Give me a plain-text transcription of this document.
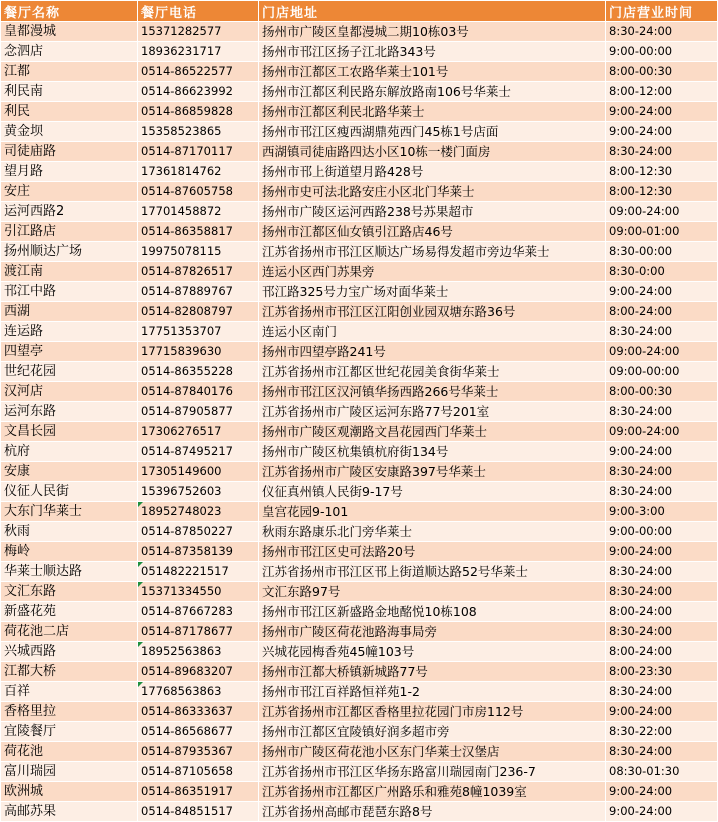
餐厅名称	餐厅电话	门店地址	门店营业时间
皇都漫城	15371282577	扬州市广陵区皇都漫城二期10栋03号	8:30-24:00
念泗店	18936231717	扬州市邗江区扬子江北路343号	9:00-00:00
江都	0514-86522577	扬州市江都区工农路华莱士101号	8:00-00:30
利民南	0514-86623992	扬州市江都区利民路东解放路南106号华莱士	8:00-12:00
利民	0514-86859828	扬州市江都区利民北路华莱士	9:00-24:00
黄金坝	15358523865	扬州市邗江区瘦西湖鼎苑西门45栋1号店面	9:00-24:00
司徒庙路	0514-87170117	西湖镇司徒庙路四达小区10栋一楼门面房	8:30-24:00
望月路	17361814762	扬州市邗上街道望月路428号	8:00-12:30
安庄	0514-87605758	扬州市史可法北路安庄小区北门华莱士	8:00-12:30
运河西路2	17701458872	扬州市广陵区运河西路238号苏果超市	09:00-24:00
引江路店	0514-86358817	扬州市江都区仙女镇引江路店46号	09:00-01:00
扬州顺达广场	19975078115	江苏省扬州市邗江区顺达广场易得发超市旁边华莱士	8:30-00:00
渡江南	0514-87826517	连运小区西门苏果旁	8:30-0:00
邗江中路	0514-87889767	邗江路325号力宝广场对面华莱士	9:00-24:00
西湖	0514-82808797	江苏省扬州市邗江区江阳创业园双塘东路36号	8:00-24:00
连运路	17751353707	连运小区南门	8:30-24:00
四望亭	17715839630	扬州市四望亭路241号	09:00-24:00
世纪花园	0514-86355228	江苏省扬州市江都区世纪花园美食街华莱士	09:00-00:00
汉河店	0514-87840176	扬州市邗江区汉河镇华扬西路266号华莱士	8:00-00:30
运河东路	0514-87905877	江苏省扬州市广陵区运河东路77号201室	8:30-24:00
文昌长园	17306276517	扬州市广陵区观潮路文昌花园西门华莱士	09:00-24:00
杭府	0514-87495217	扬州市广陵区杭集镇杭府街134号	9:00-24:00
安康	17305149600	江苏省扬州市广陵区安康路397号华莱士	8:30-24:00
仪征人民街	15396752603	仪征真州镇人民街9-17号	8:30-24:00
大东门华莱士	18952748023	皇宫花园9-101	9:00-3:00
秋雨	0514-87850227	秋雨东路康乐北门旁华莱士	9:00-00:00
梅岭	0514-87358139	扬州市邗江区史可法路20号	9:00-24:00
华莱士顺达路	051482221517	江苏省扬州市邗江区邗上街道顺达路52号华莱士	8:30-24:00
文汇东路	15371334550	文汇东路97号	8:30-24:00
新盛花苑	0514-87667283	扬州市邗江区新盛路金地酩悦10栋108	8:00-24:00
荷花池二店	0514-87178677	扬州市广陵区荷花池路海事局旁	8:30-24:00
兴城西路	18952563863	兴城花园梅香苑45幢103号	8:00-24:00
江都大桥	0514-89683207	扬州市江都大桥镇新城路77号	8:00-23:30
百祥	17768563863	扬州市邗江百祥路恒祥苑1-2	8:30-24:00
香格里拉	0514-86333637	江苏省扬州市江都区香格里拉花园门市房112号	9:00-24:00
宜陵餐厅	0514-86568677	扬州市江都区宜陵镇好润多超市旁	8:30-22:00
荷花池	0514-87935367	扬州市广陵区荷花池小区东门华莱士汉堡店	8:30-24:00
富川瑞园	0514-87105658	江苏省扬州市邗江区华扬东路富川瑞园南门236-7	08:30-01:30
欧洲城	0514-86351917	江苏省扬州市江都区广州路乐和雅苑8幢1039室	9:00-24:00
高邮苏果	0514-84851517	江苏省扬州高邮市琵琶东路8号	9:00-24:00
